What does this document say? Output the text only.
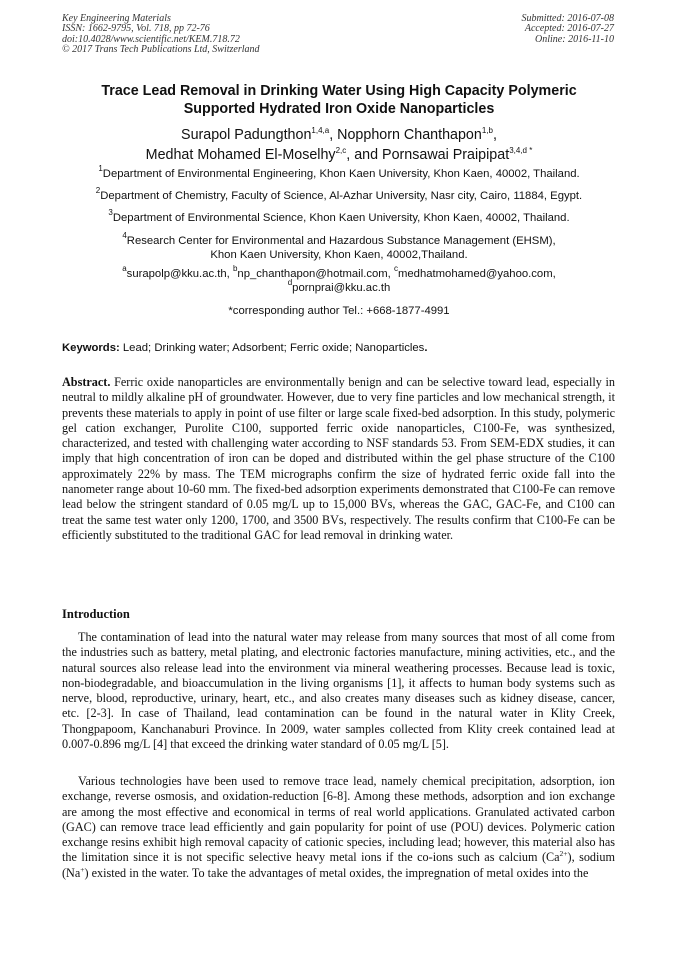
Key Engineering Materials
ISSN: 1662-9795, Vol. 718, pp 72-76
doi:10.4028/www.scientific.net/KEM.718.72
© 2017 Trans Tech Publications Ltd, Switzerland
Submitted: 2016-07-08
Accepted: 2016-07-27
Online: 2016-11-10
Trace Lead Removal in Drinking Water Using High Capacity Polymeric
Supported Hydrated Iron Oxide Nanoparticles
Surapol Padungthon$^{1,4,a}$, Nopphorn Chanthapon$^{1,b}$,
Medhat Mohamed El-Moselhy$^{2,c}$, and Pornsawai Praipipat$^{3,4,d *}$
$^1$Department of Environmental Engineering, Khon Kaen University, Khon Kaen, 40002, Thailand.
$^2$Department of Chemistry, Faculty of Science, Al-Azhar University, Nasr city, Cairo, 11884, Egypt.
$^3$Department of Environmental Science, Khon Kaen University, Khon Kaen, 40002, Thailand.
$^4$Research Center for Environmental and Hazardous Substance Management (EHSM),
Khon Kaen University, Khon Kaen, 40002,Thailand.
$^a$surapolp@kku.ac.th, $^b$np_chanthapon@hotmail.com, $^c$medhatmohamed@yahoo.com,
$^d$pornprai@kku.ac.th
*corresponding author Tel.: +668-1877-4991
Keywords: Lead; Drinking water; Adsorbent; Ferric oxide; Nanoparticles.
Abstract. Ferric oxide nanoparticles are environmentally benign and can be selective toward lead, especially in neutral to mildly alkaline pH of groundwater. However, due to very fine particles and low mechanical strength, it prevents these materials to apply in point of use filter or large scale fixed-bed adsorption. In this study, polymeric gel cation exchanger, Purolite C100, supported ferric oxide nanoparticles, C100-Fe, was synthesized, characterized, and tested with challenging water according to NSF standards 53. From SEM-EDX studies, it can imply that high concentration of iron can be doped and distributed within the gel phase structure of the C100 approximately 22% by mass. The TEM micrographs confirm the size of hydrated ferric oxide fall into the nanometer range about 10-60 mm. The fixed-bed adsorption experiments demonstrated that C100-Fe can remove lead below the stringent standard of 0.05 mg/L up to 15,000 BVs, whereas the GAC, GAC-Fe, and C100 can treat the same test water only 1200, 1700, and 3500 BVs, respectively. The results confirm that C100-Fe can be efficiently substituted to the traditional GAC for lead removal in drinking water.
Introduction
The contamination of lead into the natural water may release from many sources that most of all come from the industries such as battery, metal plating, and electronic factories manufacture, mining activities, etc., and the natural sources also release lead into the environment via mineral weathering processes. Because lead is toxic, non-biodegradable, and bioaccumulation in the living organisms [1], it affects to human body systems such as nerve, blood, reproductive, urinary, heart, etc., and also creates many diseases such as kidney disease, cancer, etc. [2-3]. In case of Thailand, lead contamination can be found in the natural water in Klity Creek, Thongpapoom, Kanchanaburi Province. In 2009, water samples collected from Klity creek contained lead at 0.007-0.896 mg/L [4] that exceed the drinking water standard of 0.05 mg/L [5].
Various technologies have been used to remove trace lead, namely chemical precipitation, adsorption, ion exchange, reverse osmosis, and oxidation-reduction [6-8]. Among these methods, adsorption and ion exchange are among the most effective and economical in terms of real world applications. Granulated activated carbon (GAC) can remove trace lead efficiently and gain popularity for point of use (POU) devices. Polymeric cation exchange resins exhibit high removal capacity of cationic species, including lead; however, this material also has the limitation since it is not specific selective heavy metal ions if the co-ions such as calcium $(Ca^{2+})$, sodium (Na+) existed in the water. To take the advantages of metal oxides, the impregnation of metal oxides into the
